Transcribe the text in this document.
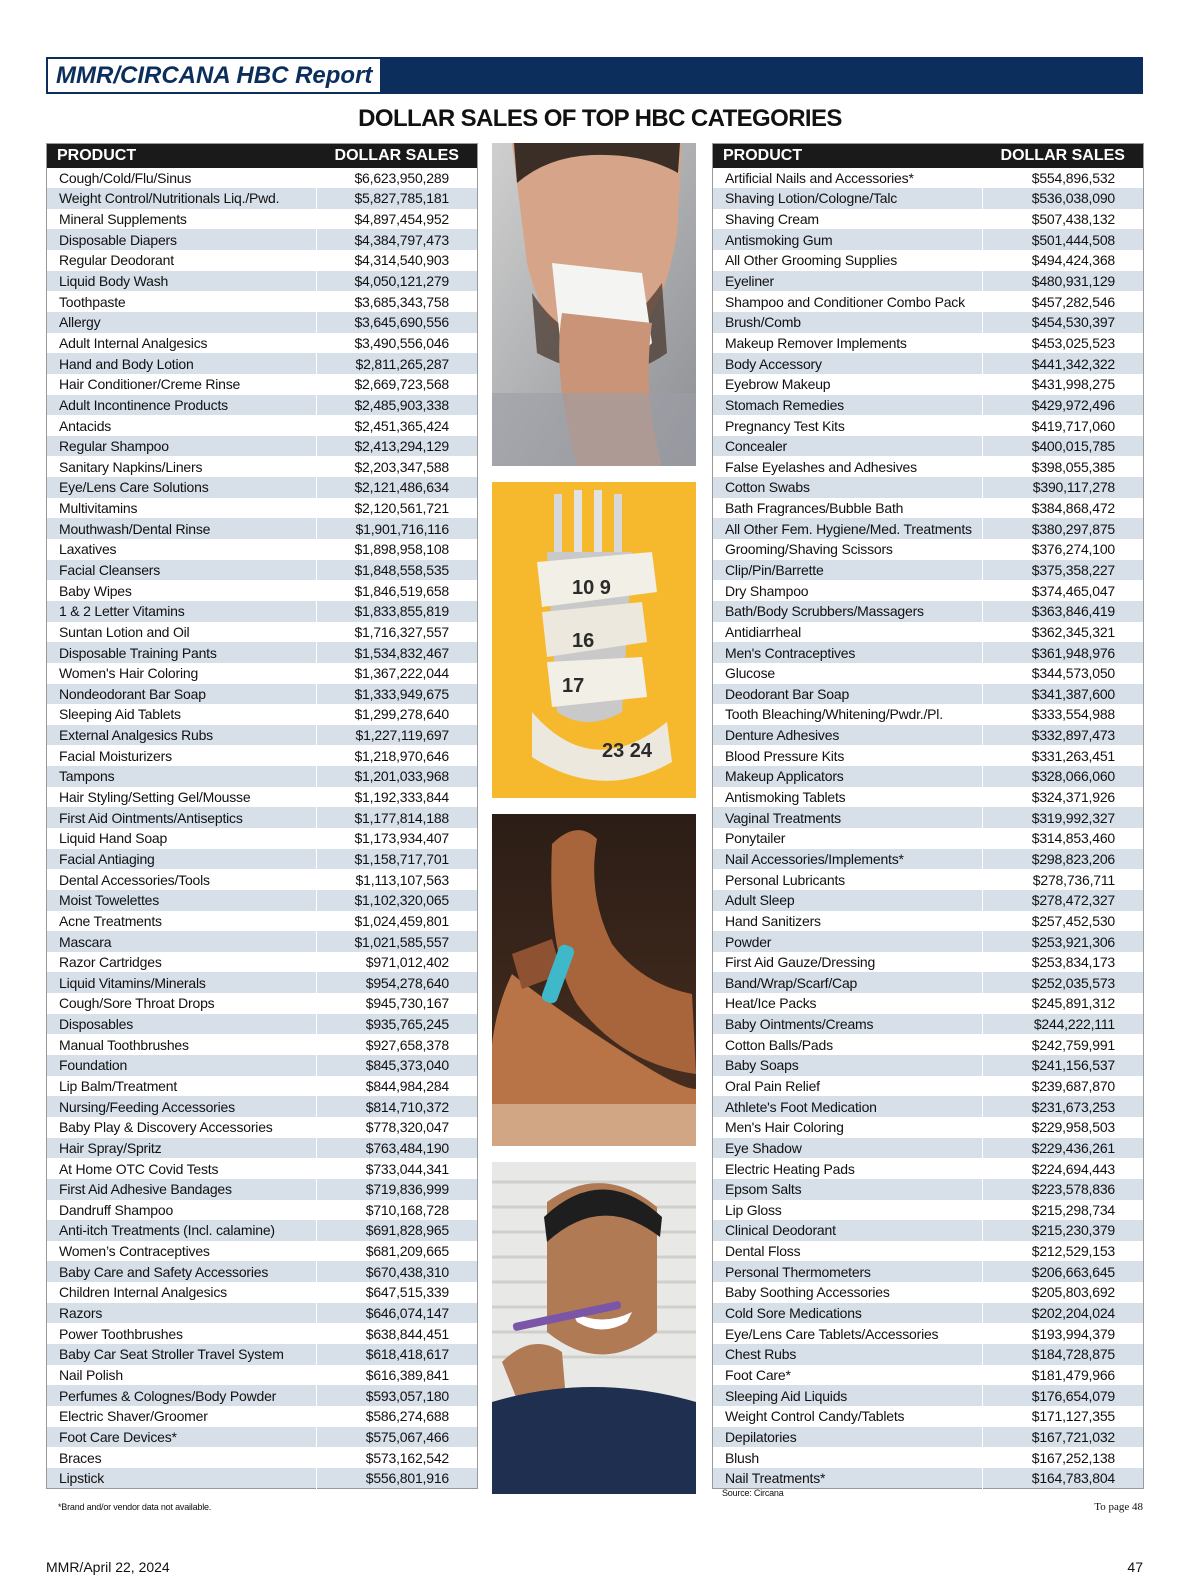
MMR/CIRCANA HBC Report
DOLLAR SALES OF TOP HBC CATEGORIES
PRODUCT	DOLLAR SALES
Cough/Cold/Flu/Sinus	$6,623,950,289
Weight Control/Nutritionals Liq./Pwd.	$5,827,785,181
Mineral Supplements	$4,897,454,952
Disposable Diapers	$4,384,797,473
Regular Deodorant	$4,314,540,903
Liquid Body Wash	$4,050,121,279
Toothpaste	$3,685,343,758
Allergy	$3,645,690,556
Adult Internal Analgesics	$3,490,556,046
Hand and Body Lotion	$2,811,265,287
Hair Conditioner/Creme Rinse	$2,669,723,568
Adult Incontinence Products	$2,485,903,338
Antacids	$2,451,365,424
Regular Shampoo	$2,413,294,129
Sanitary Napkins/Liners	$2,203,347,588
Eye/Lens Care Solutions	$2,121,486,634
Multivitamins	$2,120,561,721
Mouthwash/Dental Rinse	$1,901,716,116
Laxatives	$1,898,958,108
Facial Cleansers	$1,848,558,535
Baby Wipes	$1,846,519,658
1 & 2 Letter Vitamins	$1,833,855,819
Suntan Lotion and Oil	$1,716,327,557
Disposable Training Pants	$1,534,832,467
Women's Hair Coloring	$1,367,222,044
Nondeodorant Bar Soap	$1,333,949,675
Sleeping Aid Tablets	$1,299,278,640
External Analgesics Rubs	$1,227,119,697
Facial Moisturizers	$1,218,970,646
Tampons	$1,201,033,968
Hair Styling/Setting Gel/Mousse	$1,192,333,844
First Aid Ointments/Antiseptics	$1,177,814,188
Liquid Hand Soap	$1,173,934,407
Facial Antiaging	$1,158,717,701
Dental Accessories/Tools	$1,113,107,563
Moist Towelettes	$1,102,320,065
Acne Treatments	$1,024,459,801
Mascara	$1,021,585,557
Razor Cartridges	$971,012,402
Liquid Vitamins/Minerals	$954,278,640
Cough/Sore Throat Drops	$945,730,167
Disposables	$935,765,245
Manual Toothbrushes	$927,658,378
Foundation	$845,373,040
Lip Balm/Treatment	$844,984,284
Nursing/Feeding Accessories	$814,710,372
Baby Play & Discovery Accessories	$778,320,047
Hair Spray/Spritz	$763,484,190
At Home OTC Covid Tests	$733,044,341
First Aid Adhesive Bandages	$719,836,999
Dandruff Shampoo	$710,168,728
Anti-itch Treatments (Incl. calamine)	$691,828,965
Women’s Contraceptives	$681,209,665
Baby Care and Safety Accessories	$670,438,310
Children Internal Analgesics	$647,515,339
Razors	$646,074,147
Power Toothbrushes	$638,844,451
Baby Car Seat Stroller Travel System	$618,418,617
Nail Polish	$616,389,841
Perfumes & Colognes/Body Powder	$593,057,180
Electric Shaver/Groomer	$586,274,688
Foot Care Devices*	$575,067,466
Braces	$573,162,542
Lipstick	$556,801,916
PRODUCT	DOLLAR SALES
Artificial Nails and Accessories*	$554,896,532
Shaving Lotion/Cologne/Talc	$536,038,090
Shaving Cream	$507,438,132
Antismoking Gum	$501,444,508
All Other Grooming Supplies	$494,424,368
Eyeliner	$480,931,129
Shampoo and Conditioner Combo Pack	$457,282,546
Brush/Comb	$454,530,397
Makeup Remover Implements	$453,025,523
Body Accessory	$441,342,322
Eyebrow Makeup	$431,998,275
Stomach Remedies	$429,972,496
Pregnancy Test Kits	$419,717,060
Concealer	$400,015,785
False Eyelashes and Adhesives	$398,055,385
Cotton Swabs	$390,117,278
Bath Fragrances/Bubble Bath	$384,868,472
All Other Fem. Hygiene/Med. Treatments	$380,297,875
Grooming/Shaving Scissors	$376,274,100
Clip/Pin/Barrette	$375,358,227
Dry Shampoo	$374,465,047
Bath/Body Scrubbers/Massagers	$363,846,419
Antidiarrheal	$362,345,321
Men's Contraceptives	$361,948,976
Glucose	$344,573,050
Deodorant Bar Soap	$341,387,600
Tooth Bleaching/Whitening/Pwdr./Pl.	$333,554,988
Denture Adhesives	$332,897,473
Blood Pressure Kits	$331,263,451
Makeup Applicators	$328,066,060
Antismoking Tablets	$324,371,926
Vaginal Treatments	$319,992,327
Ponytailer	$314,853,460
Nail Accessories/Implements*	$298,823,206
Personal Lubricants	$278,736,711
Adult Sleep	$278,472,327
Hand Sanitizers	$257,452,530
Powder	$253,921,306
First Aid Gauze/Dressing	$253,834,173
Band/Wrap/Scarf/Cap	$252,035,573
Heat/Ice Packs	$245,891,312
Baby Ointments/Creams	$244,222,111
Cotton Balls/Pads	$242,759,991
Baby Soaps	$241,156,537
Oral Pain Relief	$239,687,870
Athlete's Foot Medication	$231,673,253
Men's Hair Coloring	$229,958,503
Eye Shadow	$229,436,261
Electric Heating Pads	$224,694,443
Epsom Salts	$223,578,836
Lip Gloss	$215,298,734
Clinical Deodorant	$215,230,379
Dental Floss	$212,529,153
Personal Thermometers	$206,663,645
Baby Soothing Accessories	$205,803,692
Cold Sore Medications	$202,204,024
Eye/Lens Care Tablets/Accessories	$193,994,379
Chest Rubs	$184,728,875
Foot Care*	$181,479,966
Sleeping Aid Liquids	$176,654,079
Weight Control Candy/Tablets	$171,127,355
Depilatories	$167,721,032
Blush	$167,252,138
Nail Treatments*	$164,783,804
10 9
16
17
23 24
*Brand and/or vendor data not available.
Source: Circana
To page 48
MMR/April 22, 2024	47
